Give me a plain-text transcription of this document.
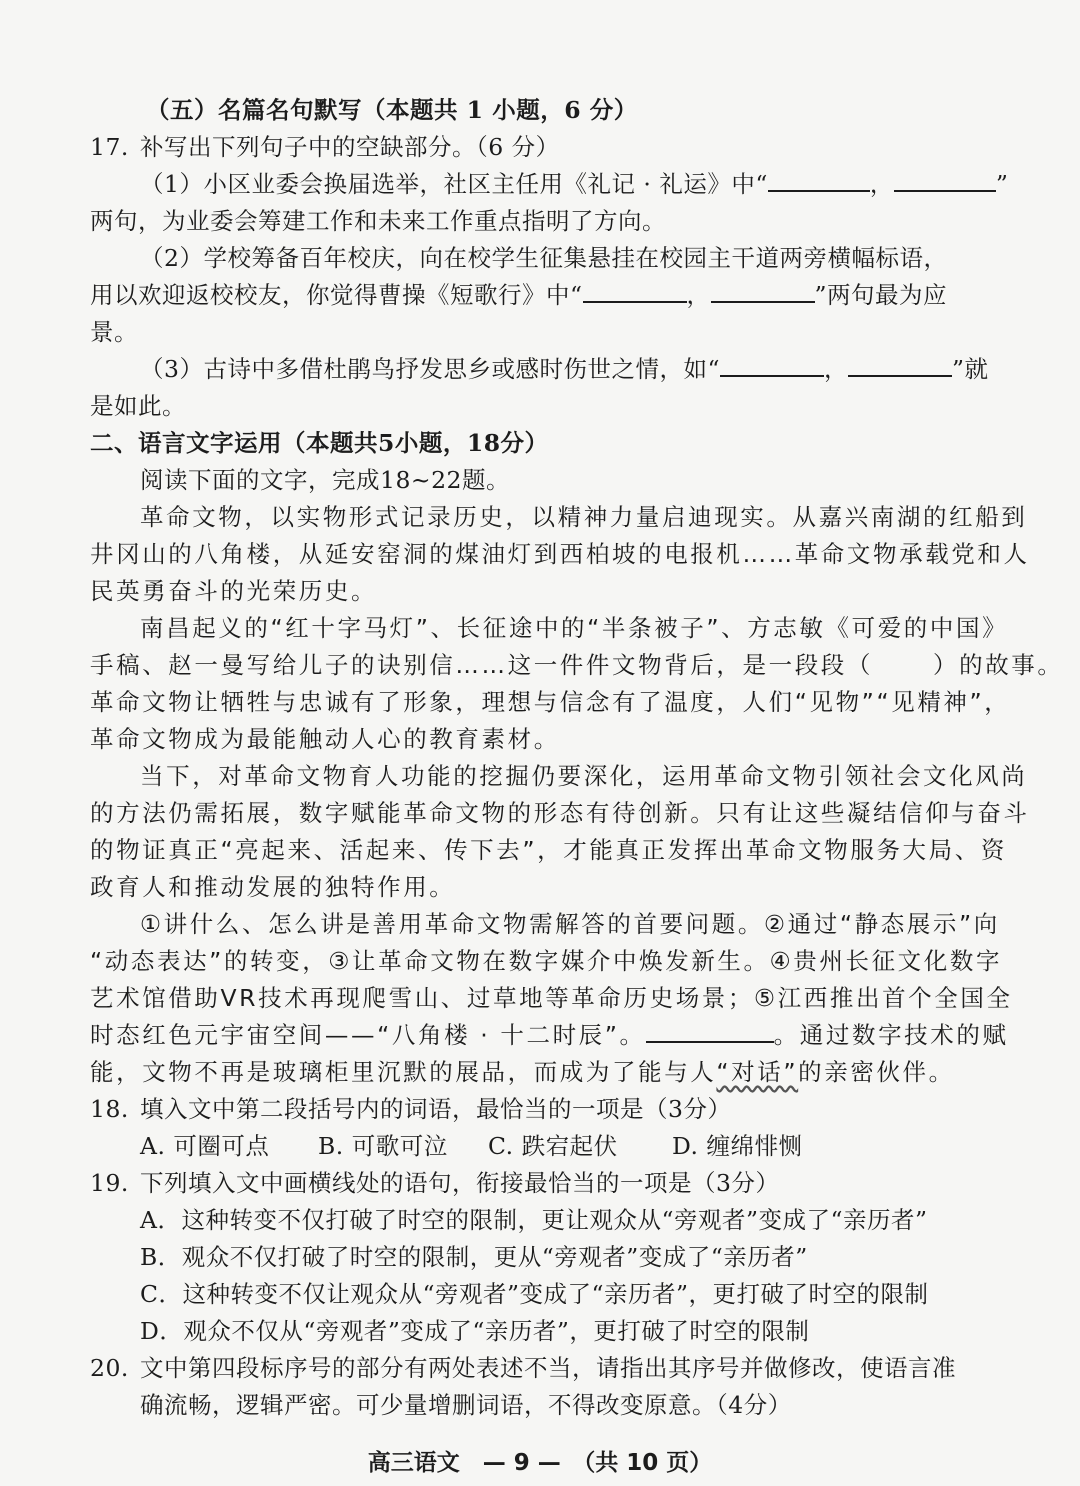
（五）名篇名句默写（本题共 1 小题，6 分）
17. 补写出下列句子中的空缺部分。（6 分）
（1）小区业委会换届选举，社区主任用《礼记 · 礼运》中“	，	”
两句，为业委会筹建工作和未来工作重点指明了方向。
（2）学校筹备百年校庆，向在校学生征集悬挂在校园主干道两旁横幅标语，
用以欢迎返校校友，你觉得曹操《短歌行》中“	，	”两句最为应
景。
（3）古诗中多借杜鹃鸟抒发思乡或感时伤世之情，如“	，	”就
是如此。
二、语言文字运用（本题共5小题，18分）
阅读下面的文字，完成18~22题。
革命文物，以实物形式记录历史，以精神力量启迪现实。从嘉兴南湖的红船到
井冈山的八角楼，从延安窑洞的煤油灯到西柏坡的电报机……革命文物承载党和人
民英勇奋斗的光荣历史。
南昌起义的“红十字马灯”、长征途中的“半条被子”、方志敏《可爱的中国》
手稿、赵一曼写给儿子的诀别信……这一件件文物背后，是一段段（	）的故事。
革命文物让牺牲与忠诚有了形象，理想与信念有了温度，人们“见物”“见精神”，
革命文物成为最能触动人心的教育素材。
当下，对革命文物育人功能的挖掘仍要深化，运用革命文物引领社会文化风尚
的方法仍需拓展，数字赋能革命文物的形态有待创新。只有让这些凝结信仰与奋斗
的物证真正“亮起来、活起来、传下去”，才能真正发挥出革命文物服务大局、资
政育人和推动发展的独特作用。
①讲什么、怎么讲是善用革命文物需解答的首要问题。②通过“静态展示”向
“动态表达”的转变，③让革命文物在数字媒介中焕发新生。④贵州长征文化数字
艺术馆借助VR技术再现爬雪山、过草地等革命历史场景；⑤江西推出首个全国全
时态红色元宇宙空间——“八角楼 · 十二时辰”。	。通过数字技术的赋
能，文物不再是玻璃柜里沉默的展品，而成为了能与人“对话”的亲密伙伴。
18. 填入文中第二段括号内的词语，最恰当的一项是（3分）
A. 可圈可点 B. 可歌可泣 C. 跌宕起伏 D. 缠绵悱恻
19. 下列填入文中画横线处的语句，衔接最恰当的一项是（3分）
A．这种转变不仅打破了时空的限制，更让观众从“旁观者”变成了“亲历者”
B．观众不仅打破了时空的限制，更从“旁观者”变成了“亲历者”
C．这种转变不仅让观众从“旁观者”变成了“亲历者”，更打破了时空的限制
D．观众不仅从“旁观者”变成了“亲历者”，更打破了时空的限制
20. 文中第四段标序号的部分有两处表述不当，请指出其序号并做修改，使语言准
确流畅，逻辑严密。可少量增删词语，不得改变原意。（4分）
高三语文　— 9 —　（共 10 页）
